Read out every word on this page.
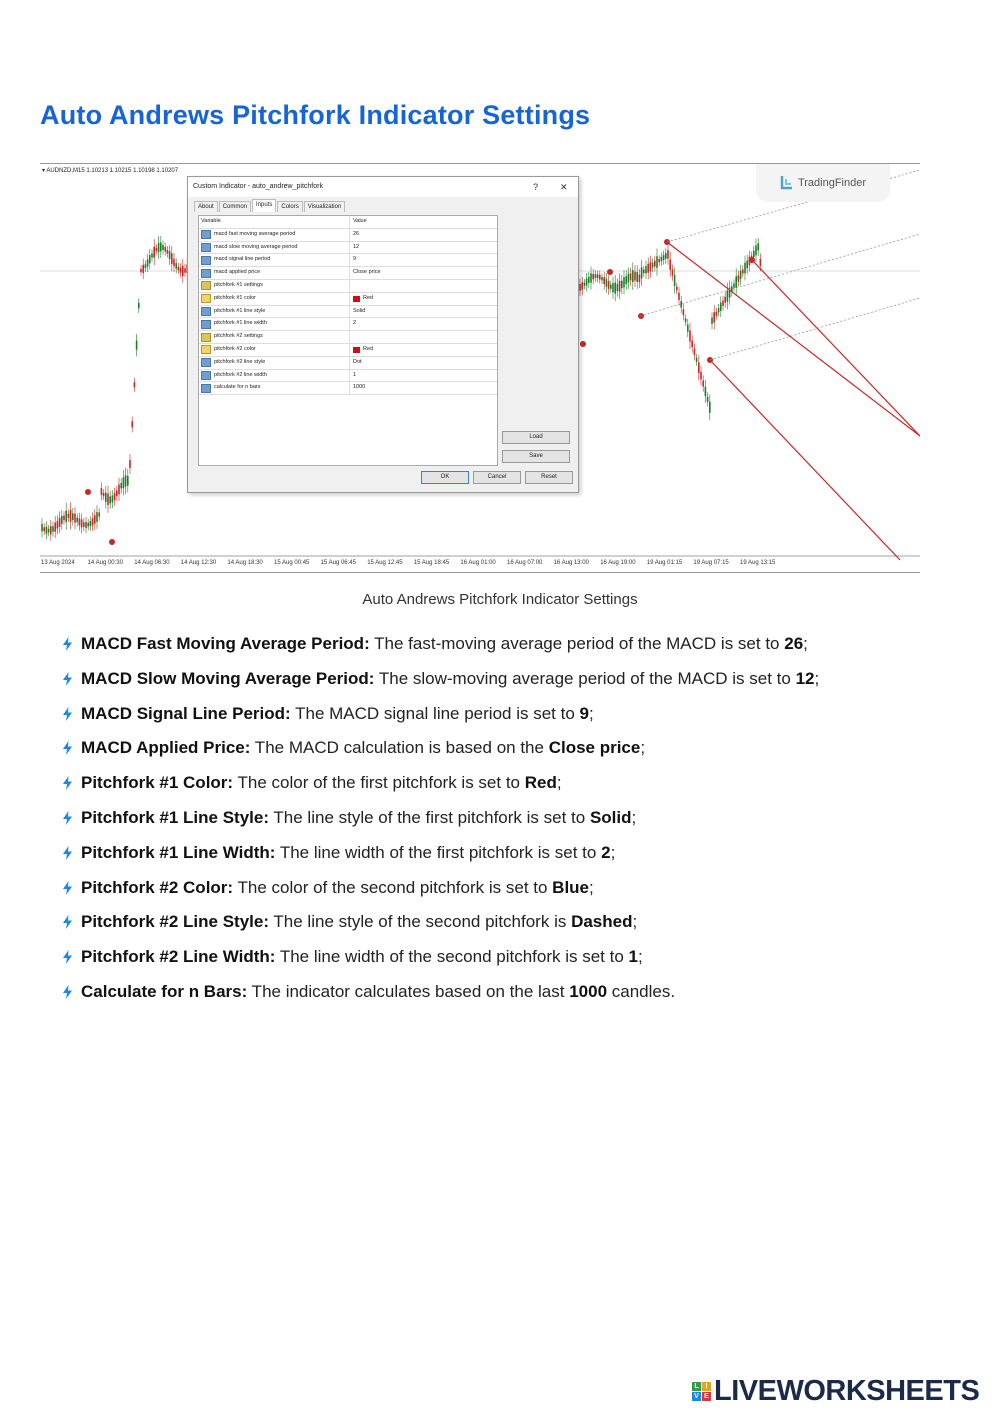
Auto Andrews Pitchfork Indicator Settings
13 Aug 2024 14 Aug 00:30 14 Aug 06:30 14 Aug 12:30 14 Aug 18:30 15 Aug 00:45 15 Aug 06:45 15 Aug 12:45 15 Aug 18:45 16 Aug 01:00 16 Aug 07:00 16 Aug 13:00 16 Aug 19:00 19 Aug 01:15 19 Aug 07:15 19 Aug 13:15
▾ AUDNZD,M15 1.10213 1.10215 1.10198 1.10207
TradingFinder
Custom Indicator - auto_andrew_pitchfork	? ✕
About	Common	Inputs	Colors	Visualization
Variable	Value
macd fast moving average period	26
macd slow moving average period	12
macd signal line period	9
macd applied price	Close price
pitchfork #1 settings
pitchfork #1 color	Red
pitchfork #1 line style	Solid
pitchfork #1 line width	2
pitchfork #2 settings
pitchfork #2 color	Red
pitchfork #2 line style	Dot
pitchfork #2 line width	1
calculate for n bars	1000
Load
Save
OK	Cancel	Reset
Auto Andrews Pitchfork Indicator Settings
MACD Fast Moving Average Period: The fast-moving average period of the MACD is set to 26;
MACD Slow Moving Average Period: The slow-moving average period of the MACD is set to 12;
MACD Signal Line Period: The MACD signal line period is set to 9;
MACD Applied Price: The MACD calculation is based on the Close price;
Pitchfork #1 Color: The color of the first pitchfork is set to Red;
Pitchfork #1 Line Style: The line style of the first pitchfork is set to Solid;
Pitchfork #1 Line Width: The line width of the first pitchfork is set to 2;
Pitchfork #2 Color: The color of the second pitchfork is set to Blue;
Pitchfork #2 Line Style: The line style of the second pitchfork is Dashed;
Pitchfork #2 Line Width: The line width of the second pitchfork is set to 1;
Calculate for n Bars: The indicator calculates based on the last 1000 candles.
L I
V E LIVEWORKSHEETS
